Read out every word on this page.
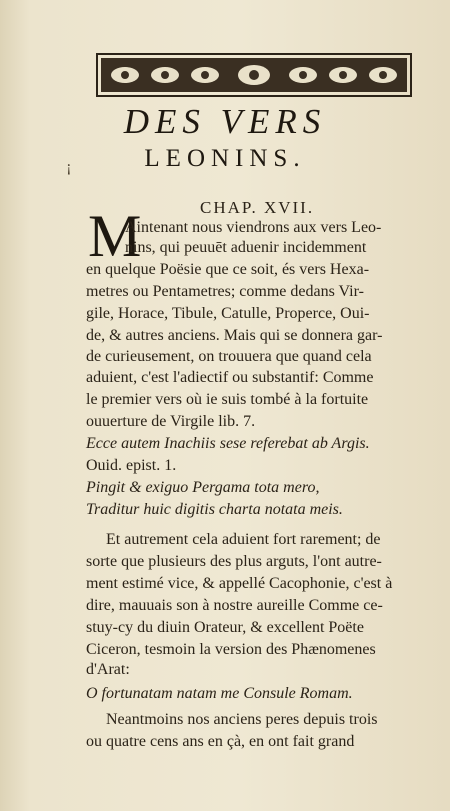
DES VERS
LEONINS.
¡
CHAP. XVII.
M
Aintenant nous viendrons aux vers Leo-
nins, qui peuuēt aduenir incidemment
en quelque Poësie que ce soit, és vers Hexa-
metres ou Pentametres; comme dedans Vir-
gile, Horace, Tibule, Catulle, Properce, Oui-
de, & autres anciens. Mais qui se donnera gar-
de curieusement, on trouuera que quand cela
aduient, c'est l'adiectif ou substantif: Comme
le premier vers où ie suis tombé à la fortuite
ouuerture de Virgile lib. 7.
Ecce autem Inachiis sese referebat ab Argis.
Ouid. epist. 1.
Pingit & exiguo Pergama tota mero,
Traditur huic digitis charta notata meis.
Et autrement cela aduient fort rarement; de
sorte que plusieurs des plus arguts, l'ont autre-
ment estimé vice, & appellé Cacophonie, c'est à
dire, mauuais son à nostre aureille Comme ce-
stuy-cy du diuin Orateur, & excellent Poëte
Ciceron, tesmoin la version des Phænomenes
d'Arat:
O fortunatam natam me Consule Romam.
Neantmoins nos anciens peres depuis trois
ou quatre cens ans en çà, en ont fait grand
